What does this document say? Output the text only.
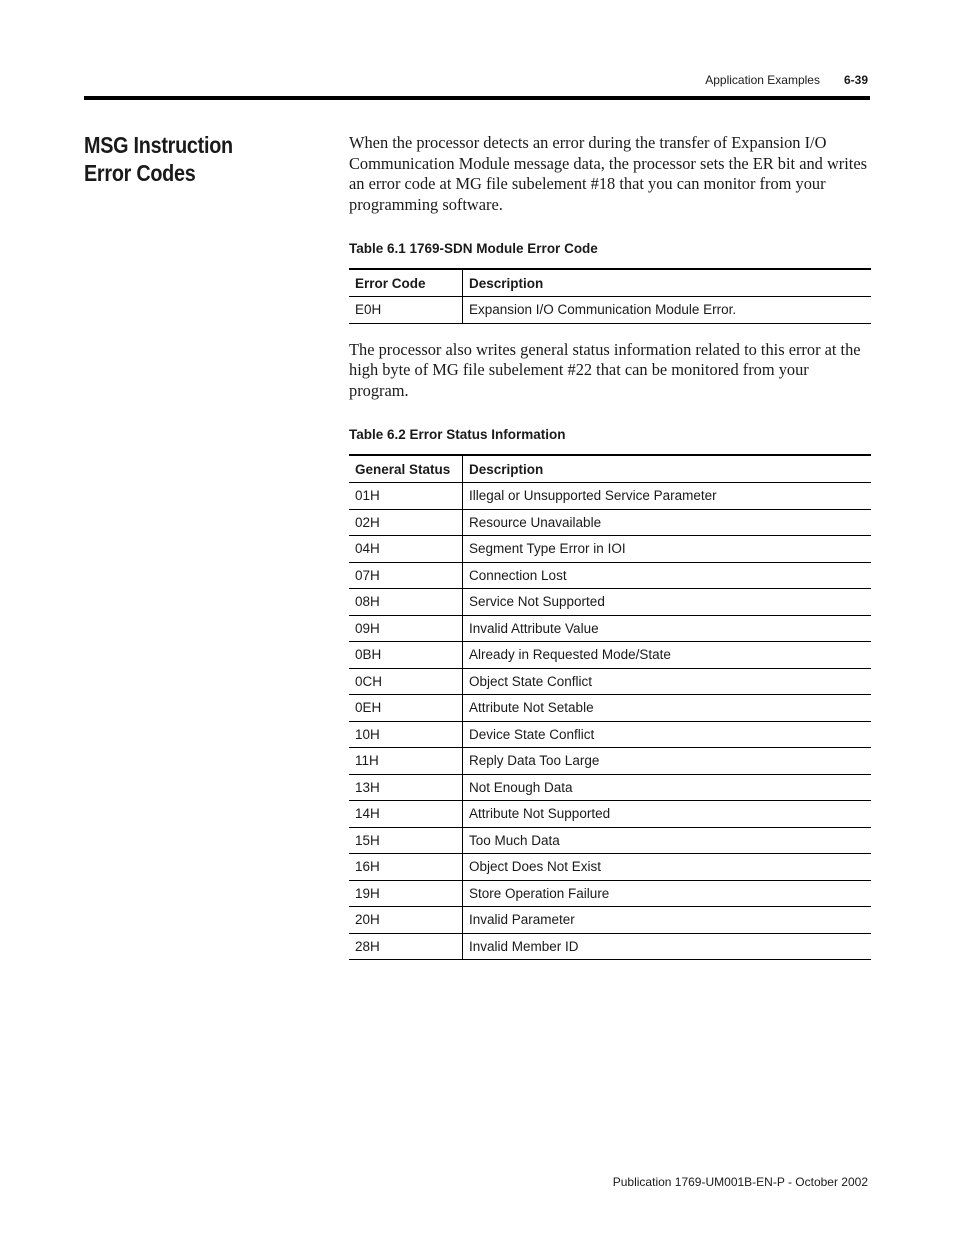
Application Examples 6-39
MSG Instruction Error Codes

When the processor detects an error during the transfer of Expansion I/O Communication Module message data, the processor sets the ER bit and writes an error code at MG file subelement #18 that you can monitor from your programming software.

Table 6.1 1769-SDN Module Error Code

Error Code	Description
E0H	Expansion I/O Communication Module Error.

The processor also writes general status information related to this error at the high byte of MG file subelement #22 that can be monitored from your program.

Table 6.2 Error Status Information

General Status	Description
01H	Illegal or Unsupported Service Parameter
02H	Resource Unavailable
04H	Segment Type Error in IOI
07H	Connection Lost
08H	Service Not Supported
09H	Invalid Attribute Value
0BH	Already in Requested Mode/State
0CH	Object State Conflict
0EH	Attribute Not Setable
10H	Device State Conflict
11H	Reply Data Too Large
13H	Not Enough Data
14H	Attribute Not Supported
15H	Too Much Data
16H	Object Does Not Exist
19H	Store Operation Failure
20H	Invalid Parameter
28H	Invalid Member ID
Publication 1769-UM001B-EN-P - October 2002
